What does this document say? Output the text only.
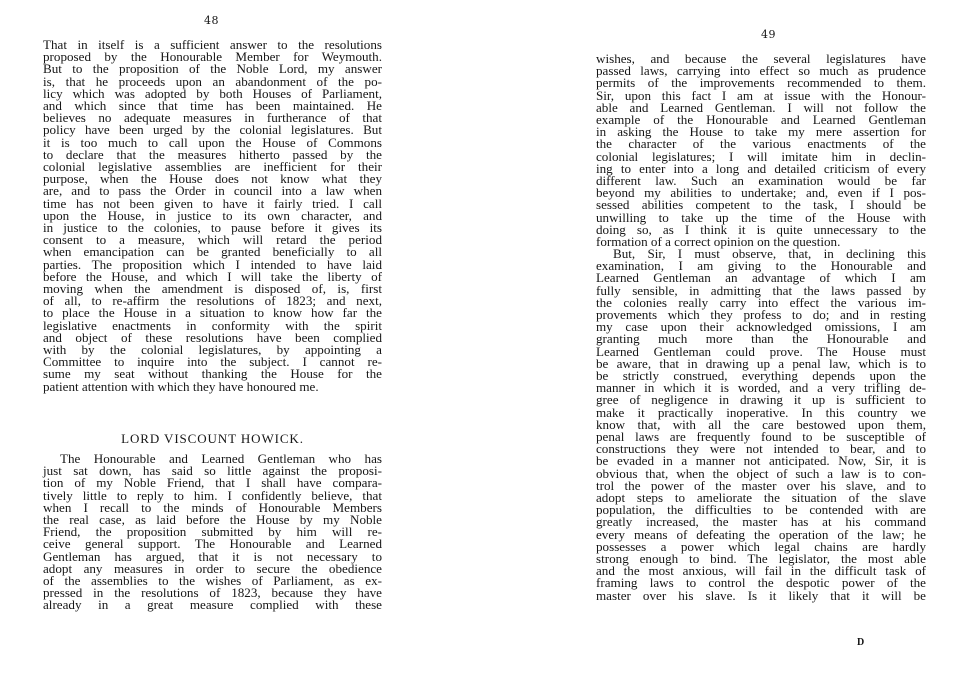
48
That in itself is a sufficient answer to the resolutions
proposed by the Honourable Member for Weymouth.
But to the proposition of the Noble Lord, my answer
is, that he proceeds upon an abandonment of the po-
licy which was adopted by both Houses of Parliament,
and which since that time has been maintained. He
believes no adequate measures in furtherance of that
policy have been urged by the colonial legislatures. But
it is too much to call upon the House of Commons
to declare that the measures hitherto passed by the
colonial legislative assemblies are inefficient for their
purpose, when the House does not know what they
are, and to pass the Order in council into a law when
time has not been given to have it fairly tried. I call
upon the House, in justice to its own character, and
in justice to the colonies, to pause before it gives its
consent to a measure, which will retard the period
when emancipation can be granted beneficially to all
parties. The proposition which I intended to have laid
before the House, and which I will take the liberty of
moving when the amendment is disposed of, is, first
of all, to re-affirm the resolutions of 1823; and next,
to place the House in a situation to know how far the
legislative enactments in conformity with the spirit
and object of these resolutions have been complied
with by the colonial legislatures, by appointing a
Committee to inquire into the subject. I cannot re-
sume my seat without thanking the House for the
patient attention with which they have honoured me.
LORD VISCOUNT HOWICK.
The Honourable and Learned Gentleman who has
just sat down, has said so little against the proposi-
tion of my Noble Friend, that I shall have compara-
tively little to reply to him. I confidently believe, that
when I recall to the minds of Honourable Members
the real case, as laid before the House by my Noble
Friend, the proposition submitted by him will re-
ceive general support. The Honourable and Learned
Gentleman has argued, that it is not necessary to
adopt any measures in order to secure the obedience
of the assemblies to the wishes of Parliament, as ex-
pressed in the resolutions of 1823, because they have
already in a great measure complied with these
49
wishes, and because the several legislatures have
passed laws, carrying into effect so much as prudence
permits of the improvements recommended to them.
Sir, upon this fact I am at issue with the Honour-
able and Learned Gentleman. I will not follow the
example of the Honourable and Learned Gentleman
in asking the House to take my mere assertion for
the character of the various enactments of the
colonial legislatures; I will imitate him in declin-
ing to enter into a long and detailed criticism of every
different law. Such an examination would be far
beyond my abilities to undertake; and, even if I pos-
sessed abilities competent to the task, I should be
unwilling to take up the time of the House with
doing so, as I think it is quite unnecessary to the
formation of a correct opinion on the question.
But, Sir, I must observe, that, in declining this
examination, I am giving to the Honourable and
Learned Gentleman an advantage of which I am
fully sensible, in admitting that the laws passed by
the colonies really carry into effect the various im-
provements which they profess to do; and in resting
my case upon their acknowledged omissions, I am
granting much more than the Honourable and
Learned Gentleman could prove. The House must
be aware, that in drawing up a penal law, which is to
be strictly construed, everything depends upon the
manner in which it is worded, and a very trifling de-
gree of negligence in drawing it up is sufficient to
make it practically inoperative. In this country we
know that, with all the care bestowed upon them,
penal laws are frequently found to be susceptible of
constructions they were not intended to bear, and to
be evaded in a manner not anticipated. Now, Sir, it is
obvious that, when the object of such a law is to con-
trol the power of the master over his slave, and to
adopt steps to ameliorate the situation of the slave
population, the difficulties to be contended with are
greatly increased, the master has at his command
every means of defeating the operation of the law; he
possesses a power which legal chains are hardly
strong enough to bind. The legislator, the most able
and the most anxious, will fail in the difficult task of
framing laws to control the despotic power of the
master over his slave. Is it likely that it will be
D
